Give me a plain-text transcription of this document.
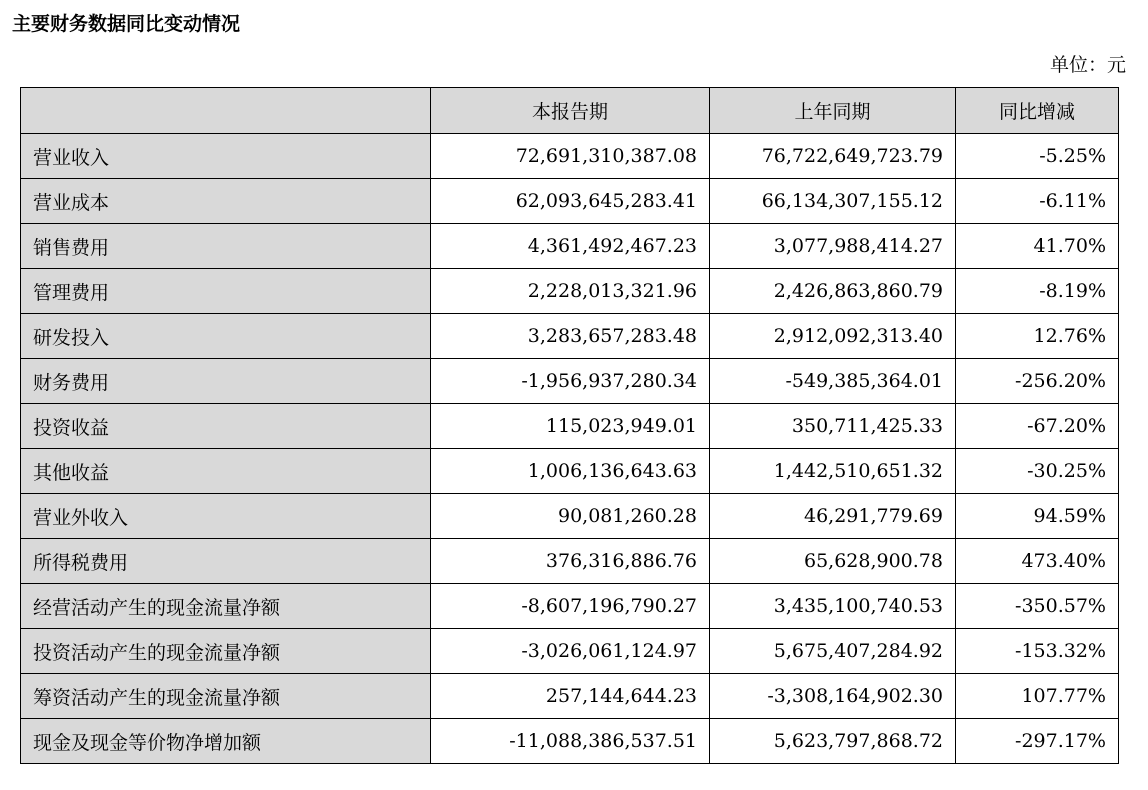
主要财务数据同比变动情况
单位：元
	本报告期	上年同期	同比增减
营业收入	72,691,310,387.08	76,722,649,723.79	-5.25%
营业成本	62,093,645,283.41	66,134,307,155.12	-6.11%
销售费用	4,361,492,467.23	3,077,988,414.27	41.70%
管理费用	2,228,013,321.96	2,426,863,860.79	-8.19%
研发投入	3,283,657,283.48	2,912,092,313.40	12.76%
财务费用	-1,956,937,280.34	-549,385,364.01	-256.20%
投资收益	115,023,949.01	350,711,425.33	-67.20%
其他收益	1,006,136,643.63	1,442,510,651.32	-30.25%
营业外收入	90,081,260.28	46,291,779.69	94.59%
所得税费用	376,316,886.76	65,628,900.78	473.40%
经营活动产生的现金流量净额	-8,607,196,790.27	3,435,100,740.53	-350.57%
投资活动产生的现金流量净额	-3,026,061,124.97	5,675,407,284.92	-153.32%
筹资活动产生的现金流量净额	257,144,644.23	-3,308,164,902.30	107.77%
现金及现金等价物净增加额	-11,088,386,537.51	5,623,797,868.72	-297.17%
